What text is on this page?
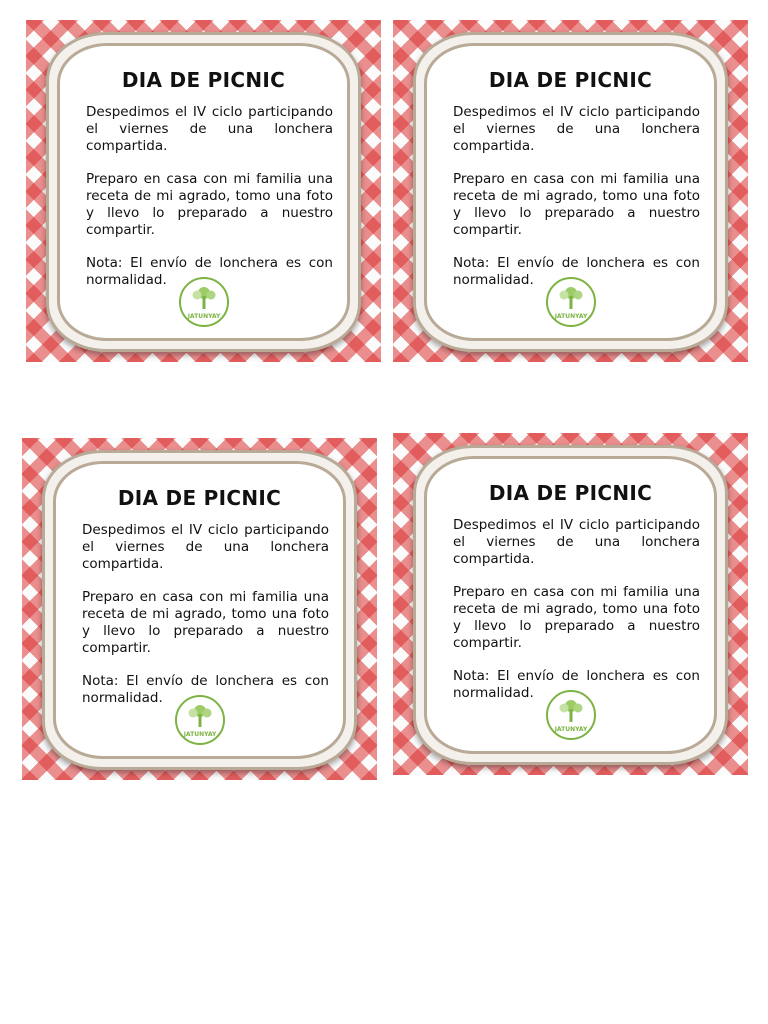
DIA DE PICNIC

Despedimos el IV ciclo participando el viernes de una lonchera compartida.

Preparo en casa con mi familia una receta de mi agrado, tomo una foto y llevo lo preparado a nuestro compartir.

Nota: El envío de lonchera es con normalidad.

JATUNYAY
DIA DE PICNIC

Despedimos el IV ciclo participando el viernes de una lonchera compartida.

Preparo en casa con mi familia una receta de mi agrado, tomo una foto y llevo lo preparado a nuestro compartir.

Nota: El envío de lonchera es con normalidad.

JATUNYAY
DIA DE PICNIC

Despedimos el IV ciclo participando el viernes de una lonchera compartida.

Preparo en casa con mi familia una receta de mi agrado, tomo una foto y llevo lo preparado a nuestro compartir.

Nota: El envío de lonchera es con normalidad.

JATUNYAY
DIA DE PICNIC

Despedimos el IV ciclo participando el viernes de una lonchera compartida.

Preparo en casa con mi familia una receta de mi agrado, tomo una foto y llevo lo preparado a nuestro compartir.

Nota: El envío de lonchera es con normalidad.

JATUNYAY
